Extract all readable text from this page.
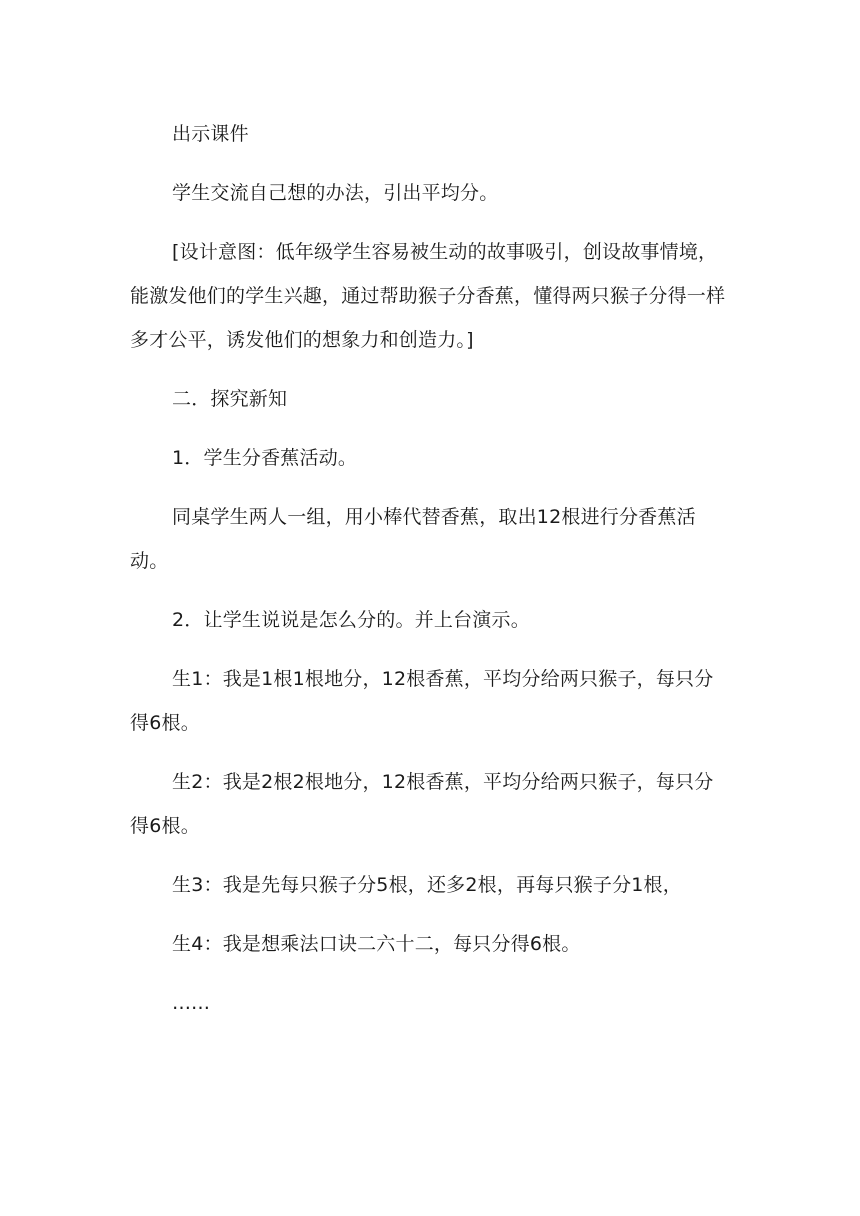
出示课件

学生交流自己想的办法，引出平均分。

[设计意图：低年级学生容易被生动的故事吸引，创设故事情境，能激发他们的学生兴趣，通过帮助猴子分香蕉，懂得两只猴子分得一样多才公平，诱发他们的想象力和创造力。]

二．探究新知

1．学生分香蕉活动。

同桌学生两人一组，用小棒代替香蕉，取出12根进行分香蕉活动。

2．让学生说说是怎么分的。并上台演示。

生1：我是1根1根地分，12根香蕉，平均分给两只猴子，每只分得6根。

生2：我是2根2根地分，12根香蕉，平均分给两只猴子，每只分得6根。

生3：我是先每只猴子分5根，还多2根，再每只猴子分1根，

生4：我是想乘法口诀二六十二，每只分得6根。

……
